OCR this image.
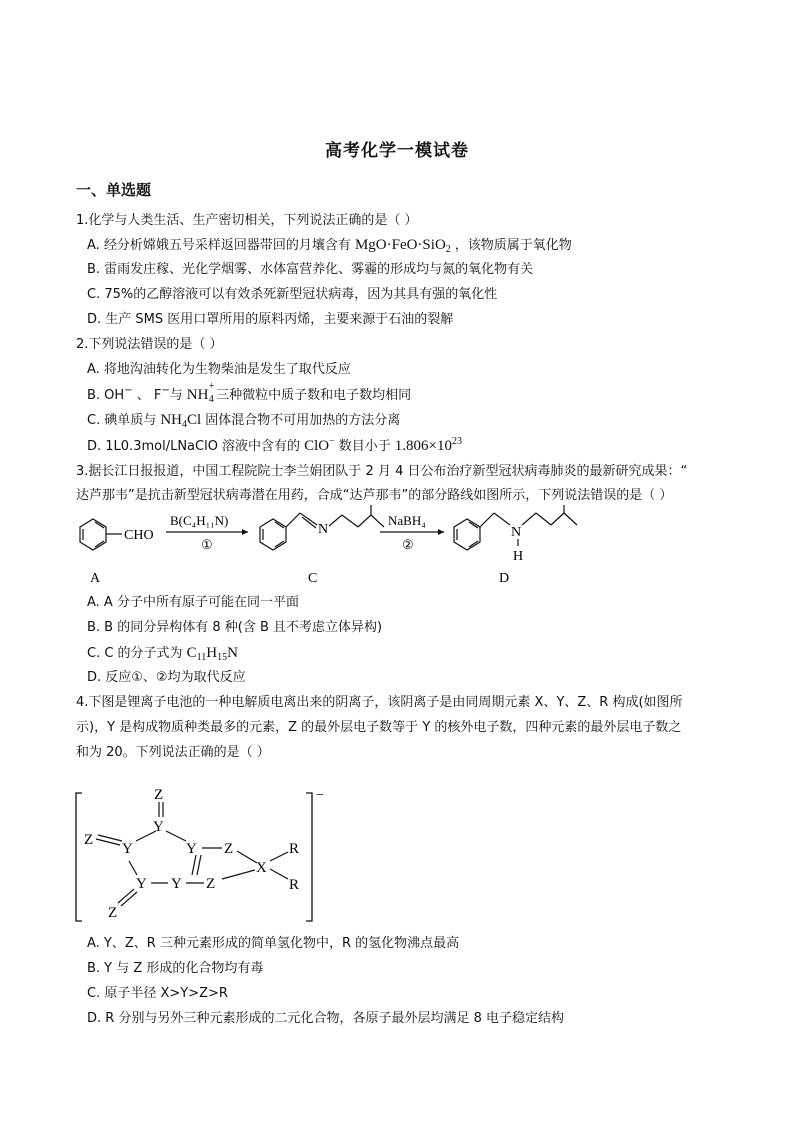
高考化学一模试卷
一、单选题
1.化学与人类生活、生产密切相关，下列说法正确的是（ ）
A. 经分析嫦娥五号采样返回器带回的月壤含有 MgO·FeO·SiO$_2$ ，该物质属于氧化物
B. 雷雨发庄稼、光化学烟雾、水体富营养化、雾霾的形成均与氮的氧化物有关
C. 75%的乙醇溶液可以有效杀死新型冠状病毒，因为其具有强的氧化性
D. 生产 SMS 医用口罩所用的原料丙烯，主要来源于石油的裂解
2.下列说法错误的是（ ）
A. 将地沟油转化为生物柴油是发生了取代反应
B. OH− 、 F−与 NH
+
4 三种微粒中质子数和电子数均相同
C. 碘单质与 $NH_4Cl$ 固体混合物不可用加热的方法分离
D. 1L0.3mol/LNaClO 溶液中含有的 ClO− 数目小于 $1.806\times 10^{23}$
3.据长江日报报道，中国工程院院士李兰娟团队于 2 月 4 日公布治疗新型冠状病毒肺炎的最新研究成果：“
达芦那韦”是抗击新型冠状病毒潜在用药，合成“达芦那韦”的部分路线如图所示，下列说法错误的是（ ）
CHO
B(C₄H₁₁N)
①
N
NaBH₄
②
N
H
A	C	D
A. A 分子中所有原子可能在同一平面
B. B 的同分异构体有 8 种(含 B 且不考虑立体异构)
C. C 的分子式为 $C_{11}H_{15}N$
D. 反应①、②均为取代反应
4.下图是锂离子电池的一种电解质电离出来的阴离子，该阴离子是由同周期元素 X、Y、Z、R 构成(如图所
示)，Y 是构成物质种类最多的元素，Z 的最外层电子数等于 Y 的核外电子数，四种元素的最外层电子数之
和为 20。下列说法正确的是（ ）
−
Z
Y
Z
Y	Y Z
X
R
Y Y Z	R
Z
A. Y、Z、R 三种元素形成的简单氢化物中，R 的氢化物沸点最高
B. Y 与 Z 形成的化合物均有毒
C. 原子半径 X>Y>Z>R
D. R 分别与另外三种元素形成的二元化合物，各原子最外层均满足 8 电子稳定结构
